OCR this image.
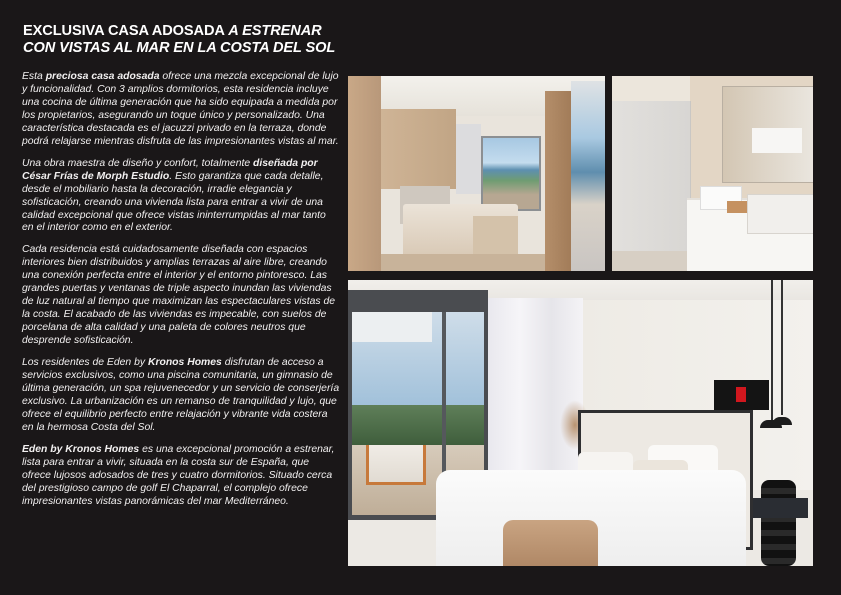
EXCLUSIVA CASA ADOSADA A ESTRENAR
CON VISTAS AL MAR EN LA COSTA DEL SOL

Esta preciosa casa adosada ofrece una mezcla excepcional de lujo
y funcionalidad. Con 3 amplios dormitorios, esta residencia incluye una cocina de última generación que ha sido equipada a medida por los propietarios, asegurando un toque único y personalizado. Una característica destacada es el jacuzzi privado en la terraza, donde podrá relajarse mientras disfruta de las impresionantes vistas al mar.

Una obra maestra de diseño y confort, totalmente diseñada por César Frías de Morph Estudio. Esto garantiza que cada detalle, desde el mobiliario hasta la decoración, irradie elegancia y sofisticación, creando una vivienda lista para entrar a vivir de una calidad excepcional que ofrece vistas ininterrumpidas al mar tanto en el interior como en el exterior.

Cada residencia está cuidadosamente diseñada con espacios interiores bien distribuidos y amplias terrazas al aire libre, creando una conexión perfecta entre el interior y el entorno pintoresco. Las grandes puertas y ventanas de triple aspecto inundan las viviendas de luz natural al tiempo que maximizan las espectaculares vistas de la costa. El acabado de las viviendas es impecable, con suelos de porcelana de alta calidad y una paleta de colores neutros que desprende sofisticación.

Los residentes de Eden by Kronos Homes disfrutan de acceso a servicios exclusivos, como una piscina comunitaria, un gimnasio de última generación, un spa rejuvenecedor y un servicio de conserjería exclusivo. La urbanización es un remanso de tranquilidad y lujo, que ofrece el equilibrio perfecto entre relajación y vibrante vida costera en la hermosa Costa del Sol.

Eden by Kronos Homes es una excepcional promoción a estrenar,
lista para entrar a vivir, situada en la costa sur de España, que ofrece lujosos adosados de tres y cuatro dormitorios. Situado cerca del prestigioso campo de golf El Chaparral, el complejo ofrece impresionantes vistas panorámicas del mar Mediterráneo.
